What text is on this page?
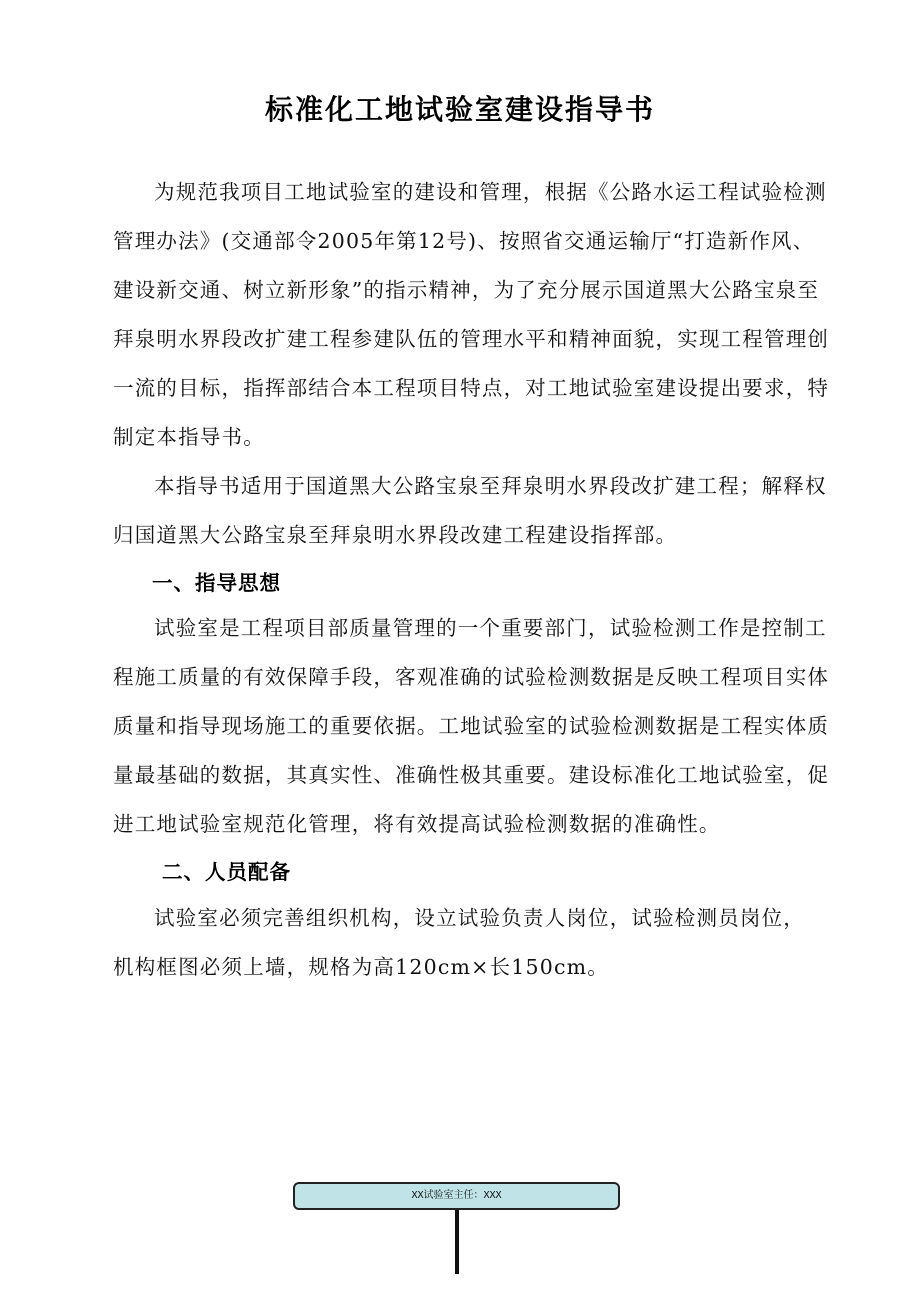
标准化工地试验室建设指导书

为规范我项目工地试验室的建设和管理，根据《公路水运工程试验检测
管理办法》(交通部令2005年第12号)、按照省交通运输厅“打造新作风、
建设新交通、树立新形象”的指示精神，为了充分展示国道黑大公路宝泉至
拜泉明水界段改扩建工程参建队伍的管理水平和精神面貌，实现工程管理创
一流的目标，指挥部结合本工程项目特点，对工地试验室建设提出要求，特
制定本指导书。

本指导书适用于国道黑大公路宝泉至拜泉明水界段改扩建工程；解释权
归国道黑大公路宝泉至拜泉明水界段改建工程建设指挥部。

一、指导思想

试验室是工程项目部质量管理的一个重要部门，试验检测工作是控制工
程施工质量的有效保障手段，客观准确的试验检测数据是反映工程项目实体
质量和指导现场施工的重要依据。工地试验室的试验检测数据是工程实体质
量最基础的数据，其真实性、准确性极其重要。建设标准化工地试验室，促
进工地试验室规范化管理，将有效提高试验检测数据的准确性。

二、人员配备

试验室必须完善组织机构，设立试验负责人岗位，试验检测员岗位，
机构框图必须上墙，规格为高120cm×长150cm。

XX试验室主任：XXX
